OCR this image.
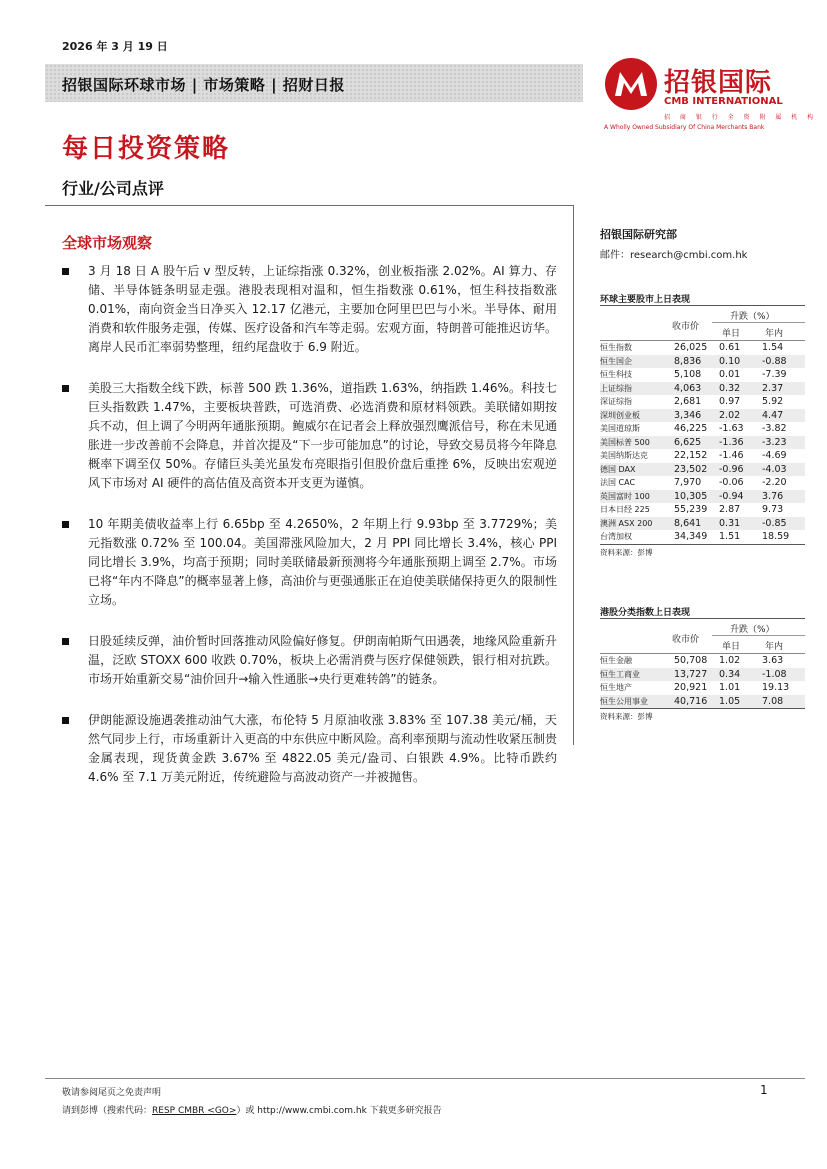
2026 年 3 月 19 日
招银国际环球市场 | 市场策略 | 招财日报	招银国际
CMB INTERNATIONAL
招 商 银 行 全 资 附 属 机 构
A Wholly Owned Subsidiary Of China Merchants Bank
每日投资策略
行业/公司点评
全球市场观察
3 月 18 日 A 股午后 v 型反转，上证综指涨 0.32%，创业板指涨 2.02%。AI 算力、存储、半导体链条明显走强。港股表现相对温和，恒生指数涨 0.61%，恒生科技指数涨 0.01%，南向资金当日净买入 12.17 亿港元，主要加仓阿里巴巴与小米。半导体、耐用消费和软件服务走强，传媒、医疗设备和汽车等走弱。宏观方面，特朗普可能推迟访华。离岸人民币汇率弱势整理，纽约尾盘收于 6.9 附近。
美股三大指数全线下跌，标普 500 跌 1.36%，道指跌 1.63%，纳指跌 1.46%。科技七巨头指数跌 1.47%，主要板块普跌，可选消费、必选消费和原材料领跌。美联储如期按兵不动，但上调了今明两年通胀预期。鲍威尔在记者会上释放强烈鹰派信号，称在未见通胀进一步改善前不会降息，并首次提及“下一步可能加息”的讨论，导致交易员将今年降息概率下调至仅 50%。存储巨头美光虽发布亮眼指引但股价盘后重挫 6%，反映出宏观逆风下市场对 AI 硬件的高估值及高资本开支更为谨慎。
10 年期美债收益率上行 6.65bp 至 4.2650%，2 年期上行 9.93bp 至 3.7729%；美元指数涨 0.72% 至 100.04。美国滞涨风险加大，2 月 PPI 同比增长 3.4%，核心 PPI 同比增长 3.9%，均高于预期；同时美联储最新预测将今年通胀预期上调至 2.7%。市场已将“年内不降息”的概率显著上修，高油价与更强通胀正在迫使美联储保持更久的限制性立场。
日股延续反弹，油价暂时回落推动风险偏好修复。伊朗南帕斯气田遇袭，地缘风险重新升温，泛欧 STOXX 600 收跌 0.70%，板块上必需消费与医疗保健领跌，银行相对抗跌。 市场开始重新交易“油价回升→输入性通胀→央行更难转鸽”的链条。
伊朗能源设施遇袭推动油气大涨，布伦特 5 月原油收涨 3.83% 至 107.38 美元/桶，天然气同步上行，市场重新计入更高的中东供应中断风险。高利率预期与流动性收紧压制贵金属表现，现货黄金跌 3.67% 至 4822.05 美元/盎司、白银跌 4.9%。比特币跌约 4.6% 至 7.1 万美元附近，传统避险与高波动资产一并被抛售。
招银国际研究部
邮件：research@cmbi.com.hk
环球主要股市上日表现
收市价
升跌（%）
单日	年内
恒生指数	26,025 0.61 1.54
恒生国企	8,836 0.10 -0.88
恒生科技	5,108 0.01 -7.39
上证综指	4,063 0.32 2.37
深证综指	2,681 0.97 5.92
深圳创业板	3,346 2.02 4.47
美国道琼斯	46,225 -1.63 -3.82
美国标普 500	6,625 -1.36 -3.23
美国纳斯达克	22,152 -1.46 -4.69
德国 DAX	23,502 -0.96 -4.03
法国 CAC	7,970 -0.06 -2.20
英国富时 100	10,305 -0.94 3.76
日本日经 225	55,239 2.87 9.73
澳洲 ASX 200 8,641 0.31 -0.85
台湾加权	34,349 1.51 18.59
资料来源：彭博
港股分类指数上日表现
收市价
升跌（%）
单日	年内
恒生金融	50,708 1.02 3.63
恒生工商业	13,727 0.34 -1.08
恒生地产	20,921 1.01 19.13
恒生公用事业	40,716 1.05 7.08
资料来源：彭博
敬请参阅尾页之免责声明
请到彭博（搜索代码：RESP CMBR <GO>）或 http://www.cmbi.com.hk 下载更多研究报告
1
